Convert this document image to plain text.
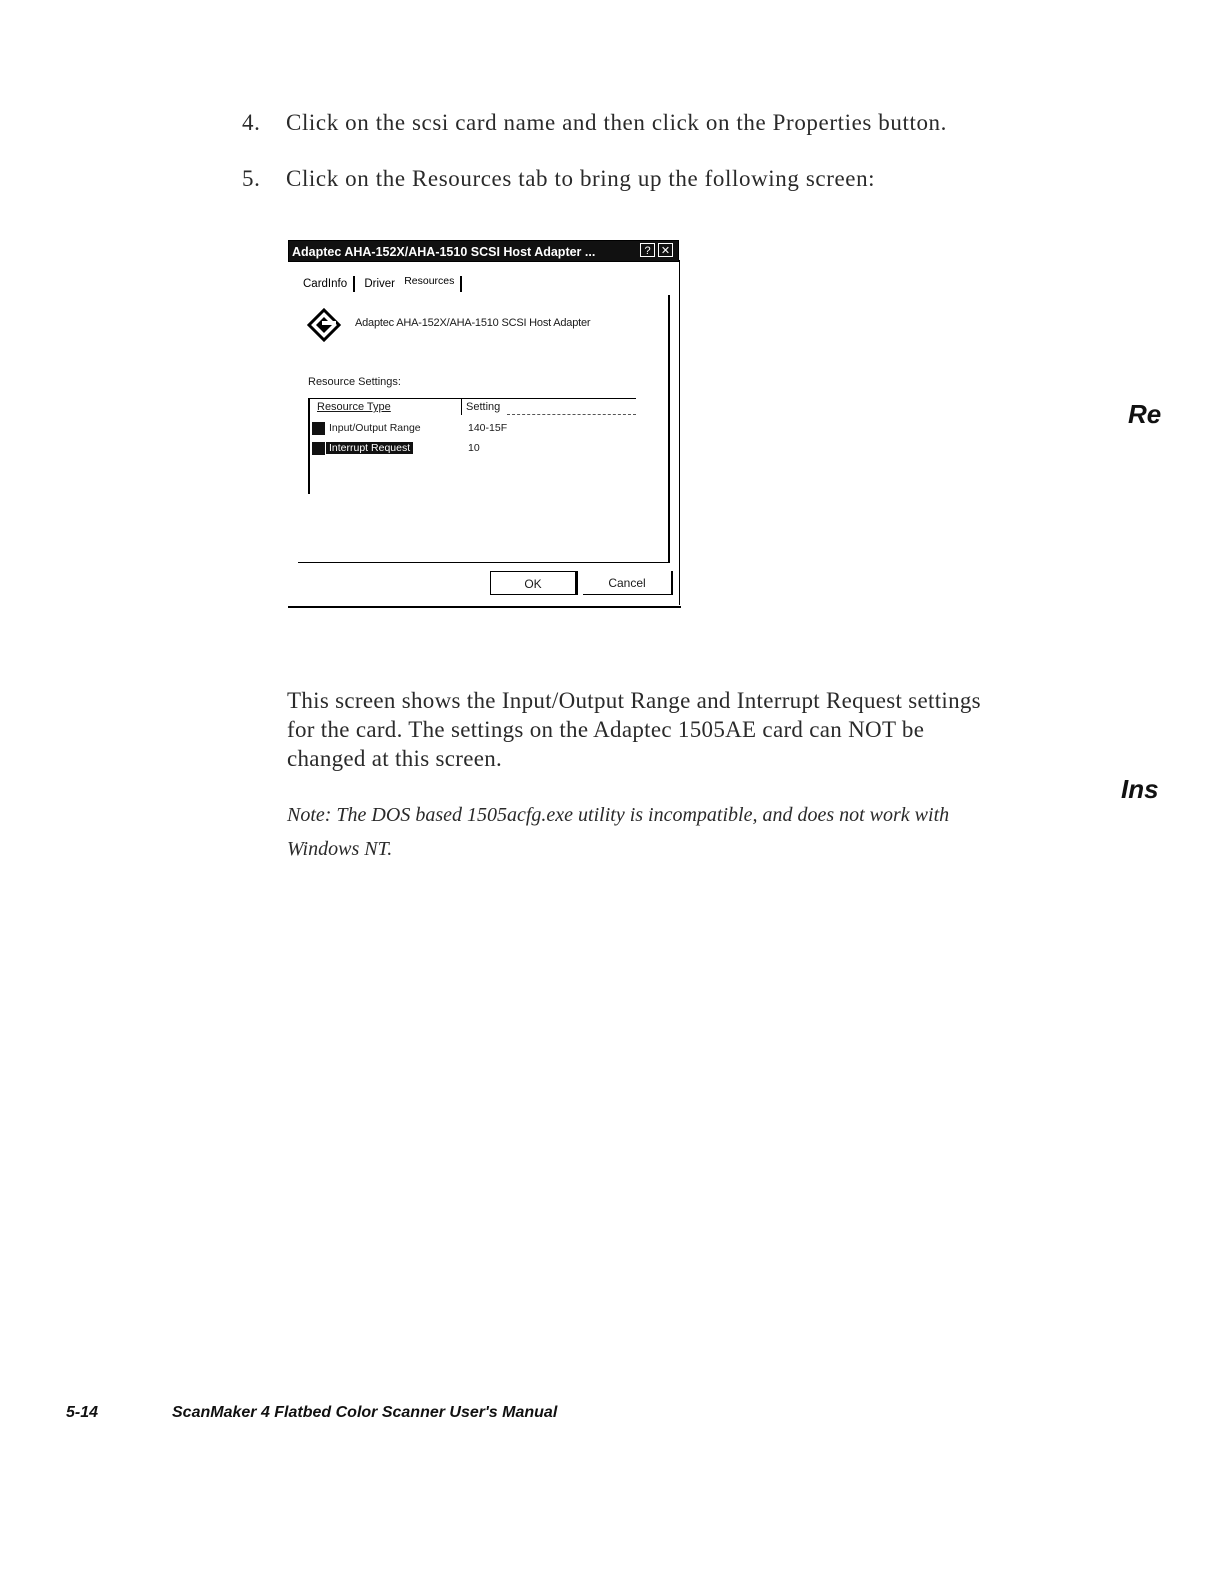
4. Click on the scsi card name and then click on the Properties button.
5. Click on the Resources tab to bring up the following screen:
Adaptec AHA-152X/AHA-1510 SCSI Host Adapter ...	? ✕
CardInfo Driver Resources
Adaptec AHA-152X/AHA-1510 SCSI Host Adapter
Resource Settings:
Resource Type	Setting
Input/Output Range	140-15F
Interrupt Request	10
OK	Cancel
This screen shows the Input/Output Range and Interrupt Request settings for the card. The settings on the Adaptec 1505AE card can NOT be changed at this screen.
Note: The DOS based 1505acfg.exe utility is incompatible, and does not work with Windows NT.
Re
Ins
5-14	ScanMaker 4 Flatbed Color Scanner User's Manual
